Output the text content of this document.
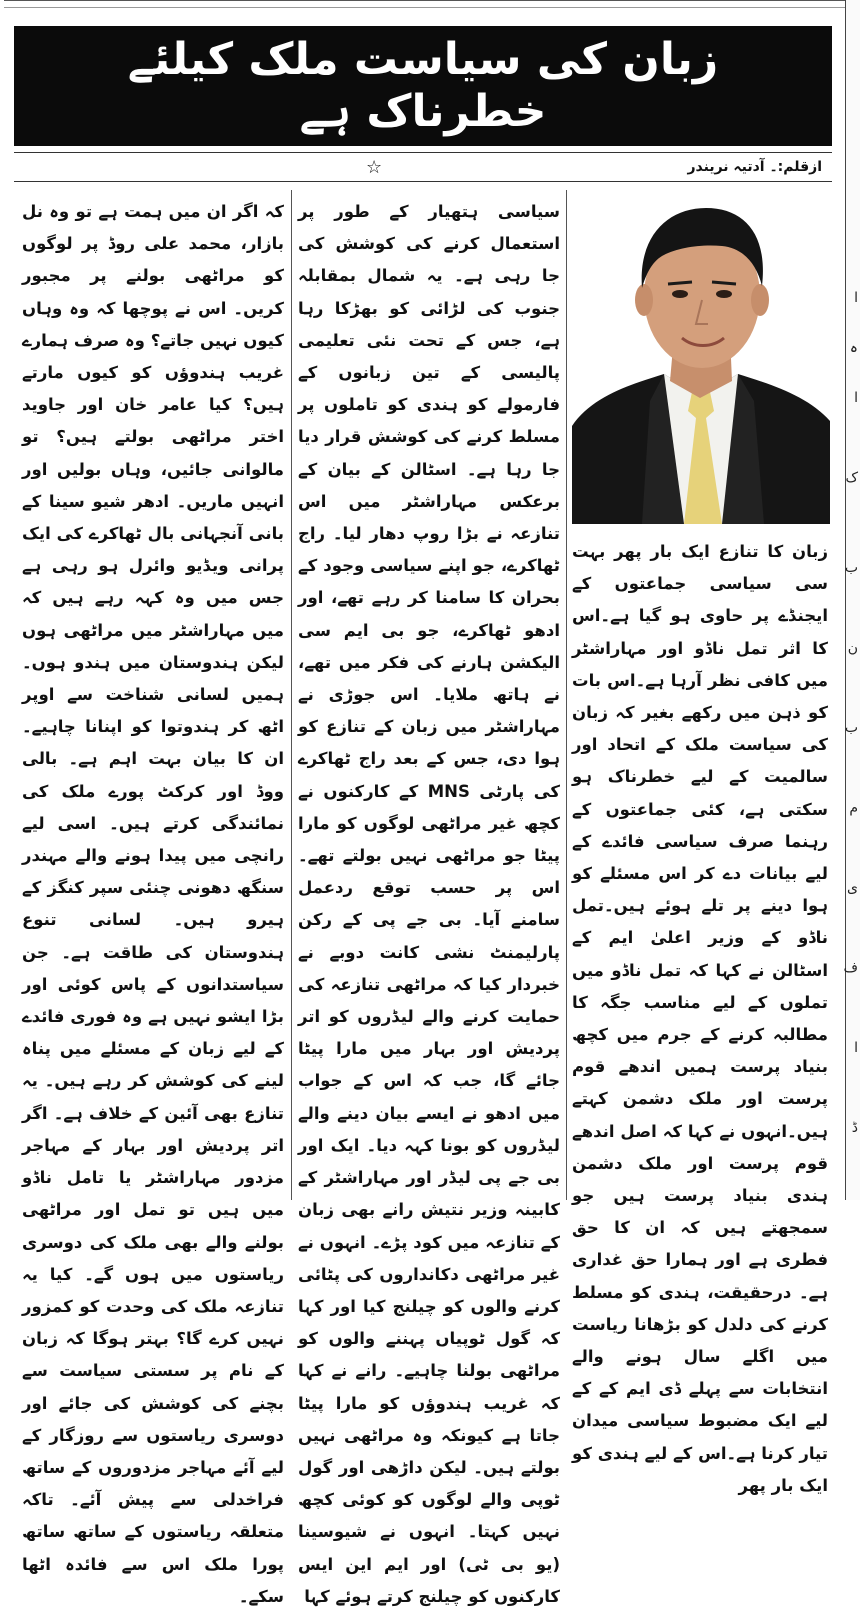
ا
ہ
ا
ک
ب
ن
ب
م
ی
ف
ا
ڈ
زبان کی سیاست ملک کیلئے خطرناک ہے
ازقلم:۔ آدتیہ نریندر
☆

زبان کا تنازع ایک بار پھر بہت سی سیاسی جماعتوں کے ایجنڈے پر حاوی ہو گیا ہے۔اس کا اثر تمل ناڈو اور مہاراشٹر میں کافی نظر آرہا ہے۔اس بات کو ذہن میں رکھے بغیر کہ زبان کی سیاست ملک کے اتحاد اور سالمیت کے لیے خطرناک ہو سکتی ہے، کئی جماعتوں کے رہنما صرف سیاسی فائدے کے لیے بیانات دے کر اس مسئلے کو ہوا دینے پر تلے ہوئے ہیں۔تمل ناڈو کے وزیر اعلیٰ ایم کے اسٹالن نے کہا کہ تمل ناڈو میں تملوں کے لیے مناسب جگہ کا مطالبہ کرنے کے جرم میں کچھ بنیاد پرست ہمیں اندھے قوم پرست اور ملک دشمن کہتے ہیں۔انہوں نے کہا کہ اصل اندھے قوم پرست اور ملک دشمن ہندی بنیاد پرست ہیں جو سمجھتے ہیں کہ ان کا حق فطری ہے اور ہمارا حق غداری ہے۔ درحقیقت، ہندی کو مسلط کرنے کی دلدل کو بڑھانا ریاست میں اگلے سال ہونے والے انتخابات سے پہلے ڈی ایم کے کے لیے ایک مضبوط سیاسی میدان تیار کرنا ہے۔اس کے لیے ہندی کو ایک بار پھر

سیاسی ہتھیار کے طور پر استعمال کرنے کی کوشش کی جا رہی ہے۔ یہ شمال بمقابلہ جنوب کی لڑائی کو بھڑکا رہا ہے، جس کے تحت نئی تعلیمی پالیسی کے تین زبانوں کے فارمولے کو ہندی کو تاملوں پر مسلط کرنے کی کوشش قرار دیا جا رہا ہے۔ اسٹالن کے بیان کے برعکس مہاراشٹر میں اس تنازعہ نے بڑا روپ دھار لیا۔ راج ٹھاکرے، جو اپنے سیاسی وجود کے بحران کا سامنا کر رہے تھے، اور ادھو ٹھاکرے، جو بی ایم سی الیکشن ہارنے کی فکر میں تھے، نے ہاتھ ملایا۔ اس جوڑی نے مہاراشٹر میں زبان کے تنازع کو ہوا دی، جس کے بعد راج ٹھاکرے کی پارٹی MNS کے کارکنوں نے کچھ غیر مراٹھی لوگوں کو مارا پیٹا جو مراٹھی نہیں بولتے تھے۔ اس پر حسب توقع ردعمل سامنے آیا۔ بی جے پی کے رکن پارلیمنٹ نشی کانت دوبے نے خبردار کیا کہ مراٹھی تنازعہ کی حمایت کرنے والے لیڈروں کو اتر پردیش اور بہار میں مارا پیٹا جائے گا، جب کہ اس کے جواب میں ادھو نے ایسے بیان دینے والے لیڈروں کو بونا کہہ دیا۔ ایک اور بی جے پی لیڈر اور مہاراشٹر کے کابینہ وزیر نتیش رانے بھی زبان کے تنازعہ میں کود پڑے۔ انہوں نے غیر مراٹھی دکانداروں کی پٹائی کرنے والوں کو چیلنج کیا اور کہا کہ گول ٹوپیاں پہننے والوں کو مراٹھی بولنا چاہیے۔ رانے نے کہا کہ غریب ہندوؤں کو مارا پیٹا جاتا ہے کیونکہ وہ مراٹھی نہیں بولتے ہیں۔ لیکن داڑھی اور گول ٹوپی والے لوگوں کو کوئی کچھ نہیں کہتا۔ انہوں نے شیوسینا (یو بی ٹی) اور ایم این ایس کارکنوں کو چیلنج کرتے ہوئے کہا

کہ اگر ان میں ہمت ہے تو وہ نل بازار، محمد علی روڈ پر لوگوں کو مراٹھی بولنے پر مجبور کریں۔ اس نے پوچھا کہ وہ وہاں کیوں نہیں جاتے؟ وہ صرف ہمارے غریب ہندوؤں کو کیوں مارتے ہیں؟ کیا عامر خان اور جاوید اختر مراٹھی بولتے ہیں؟ تو مالوانی جائیں، وہاں بولیں اور انہیں ماریں۔ ادھر شیو سینا کے بانی آنجہانی بال ٹھاکرے کی ایک پرانی ویڈیو وائرل ہو رہی ہے جس میں وہ کہہ رہے ہیں کہ میں مہاراشٹر میں مراٹھی ہوں لیکن ہندوستان میں ہندو ہوں۔ ہمیں لسانی شناخت سے اوپر اٹھ کر ہندوتوا کو اپنانا چاہیے۔ ان کا بیان بہت اہم ہے۔ بالی ووڈ اور کرکٹ پورے ملک کی نمائندگی کرتے ہیں۔ اسی لیے رانچی میں پیدا ہونے والے مہندر سنگھ دھونی چنئی سپر کنگز کے ہیرو ہیں۔ لسانی تنوع ہندوستان کی طاقت ہے۔ جن سیاستدانوں کے پاس کوئی اور بڑا ایشو نہیں ہے وہ فوری فائدے کے لیے زبان کے مسئلے میں پناہ لینے کی کوشش کر رہے ہیں۔ یہ تنازع بھی آئین کے خلاف ہے۔ اگر اتر پردیش اور بہار کے مہاجر مزدور مہاراشٹر یا تامل ناڈو میں ہیں تو تمل اور مراٹھی بولنے والے بھی ملک کی دوسری ریاستوں میں ہوں گے۔ کیا یہ تنازعہ ملک کی وحدت کو کمزور نہیں کرے گا؟ بہتر ہوگا کہ زبان کے نام پر سستی سیاست سے بچنے کی کوشش کی جائے اور دوسری ریاستوں سے روزگار کے لیے آئے مہاجر مزدوروں کے ساتھ فراخدلی سے پیش آئے۔ تاکہ متعلقہ ریاستوں کے ساتھ ساتھ پورا ملک اس سے فائدہ اٹھا سکے۔
